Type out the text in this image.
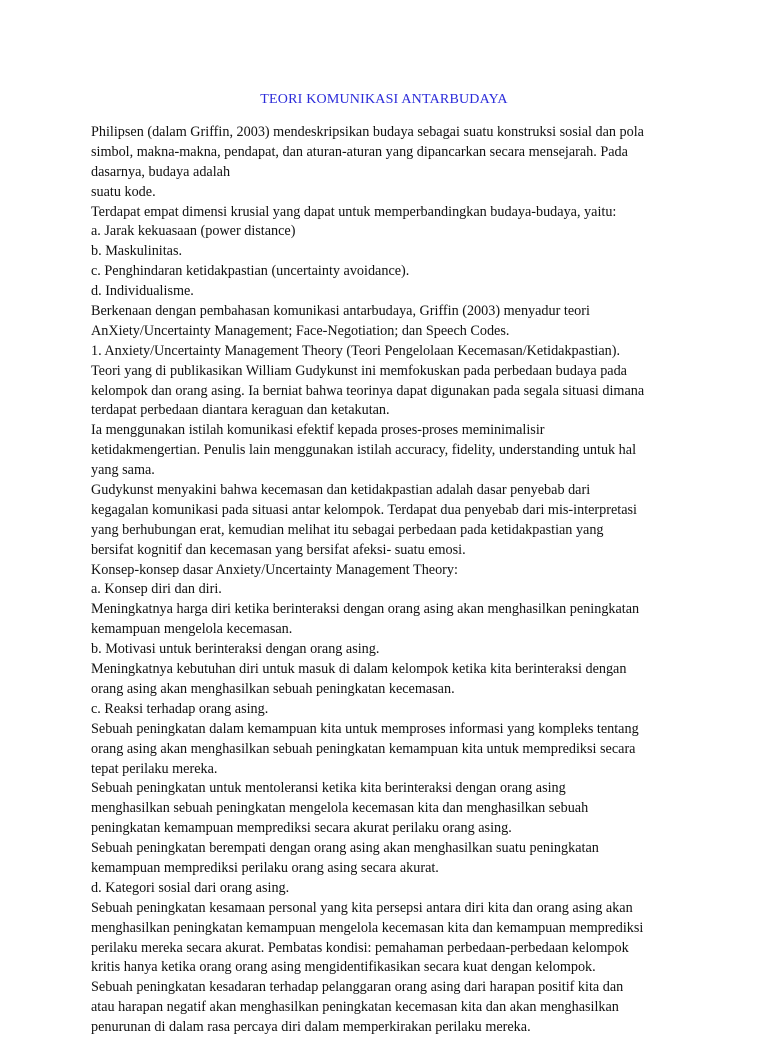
TEORI KOMUNIKASI ANTARBUDAYA
Philipsen (dalam Griffin, 2003) mendeskripsikan budaya sebagai suatu konstruksi sosial dan pola
simbol, makna-makna, pendapat, dan aturan-aturan yang dipancarkan secara mensejarah. Pada
dasarnya, budaya adalah
suatu kode.
Terdapat empat dimensi krusial yang dapat untuk memperbandingkan budaya-budaya, yaitu:
a. Jarak kekuasaan (power distance)
b. Maskulinitas.
c. Penghindaran ketidakpastian (uncertainty avoidance).
d. Individualisme.
Berkenaan dengan pembahasan komunikasi antarbudaya, Griffin (2003) menyadur teori
AnXiety/Uncertainty Management; Face-Negotiation; dan Speech Codes.
1. Anxiety/Uncertainty Management Theory (Teori Pengelolaan Kecemasan/Ketidakpastian).
Teori yang di publikasikan William Gudykunst ini memfokuskan pada perbedaan budaya pada
kelompok dan orang asing. Ia berniat bahwa teorinya dapat digunakan pada segala situasi dimana
terdapat perbedaan diantara keraguan dan ketakutan.
Ia menggunakan istilah komunikasi efektif kepada proses-proses meminimalisir
ketidakmengertian. Penulis lain menggunakan istilah accuracy, fidelity, understanding untuk hal
yang sama.
Gudykunst menyakini bahwa kecemasan dan ketidakpastian adalah dasar penyebab dari
kegagalan komunikasi pada situasi antar kelompok. Terdapat dua penyebab dari mis-interpretasi
yang berhubungan erat, kemudian melihat itu sebagai perbedaan pada ketidakpastian yang
bersifat kognitif dan kecemasan yang bersifat afeksi- suatu emosi.
Konsep-konsep dasar Anxiety/Uncertainty Management Theory:
a. Konsep diri dan diri.
Meningkatnya harga diri ketika berinteraksi dengan orang asing akan menghasilkan peningkatan
kemampuan mengelola kecemasan.
b. Motivasi untuk berinteraksi dengan orang asing.
Meningkatnya kebutuhan diri untuk masuk di dalam kelompok ketika kita berinteraksi dengan
orang asing akan menghasilkan sebuah peningkatan kecemasan.
c. Reaksi terhadap orang asing.
Sebuah peningkatan dalam kemampuan kita untuk memproses informasi yang kompleks tentang
orang asing akan menghasilkan sebuah peningkatan kemampuan kita untuk memprediksi secara
tepat perilaku mereka.
Sebuah peningkatan untuk mentoleransi ketika kita berinteraksi dengan orang asing
menghasilkan sebuah peningkatan mengelola kecemasan kita dan menghasilkan sebuah
peningkatan kemampuan memprediksi secara akurat perilaku orang asing.
Sebuah peningkatan berempati dengan orang asing akan menghasilkan suatu peningkatan
kemampuan memprediksi perilaku orang asing secara akurat.
d. Kategori sosial dari orang asing.
Sebuah peningkatan kesamaan personal yang kita persepsi antara diri kita dan orang asing akan
menghasilkan peningkatan kemampuan mengelola kecemasan kita dan kemampuan memprediksi
perilaku mereka secara akurat. Pembatas kondisi: pemahaman perbedaan-perbedaan kelompok
kritis hanya ketika orang orang asing mengidentifikasikan secara kuat dengan kelompok.
Sebuah peningkatan kesadaran terhadap pelanggaran orang asing dari harapan positif kita dan
atau harapan negatif akan menghasilkan peningkatan kecemasan kita dan akan menghasilkan
penurunan di dalam rasa percaya diri dalam memperkirakan perilaku mereka.
